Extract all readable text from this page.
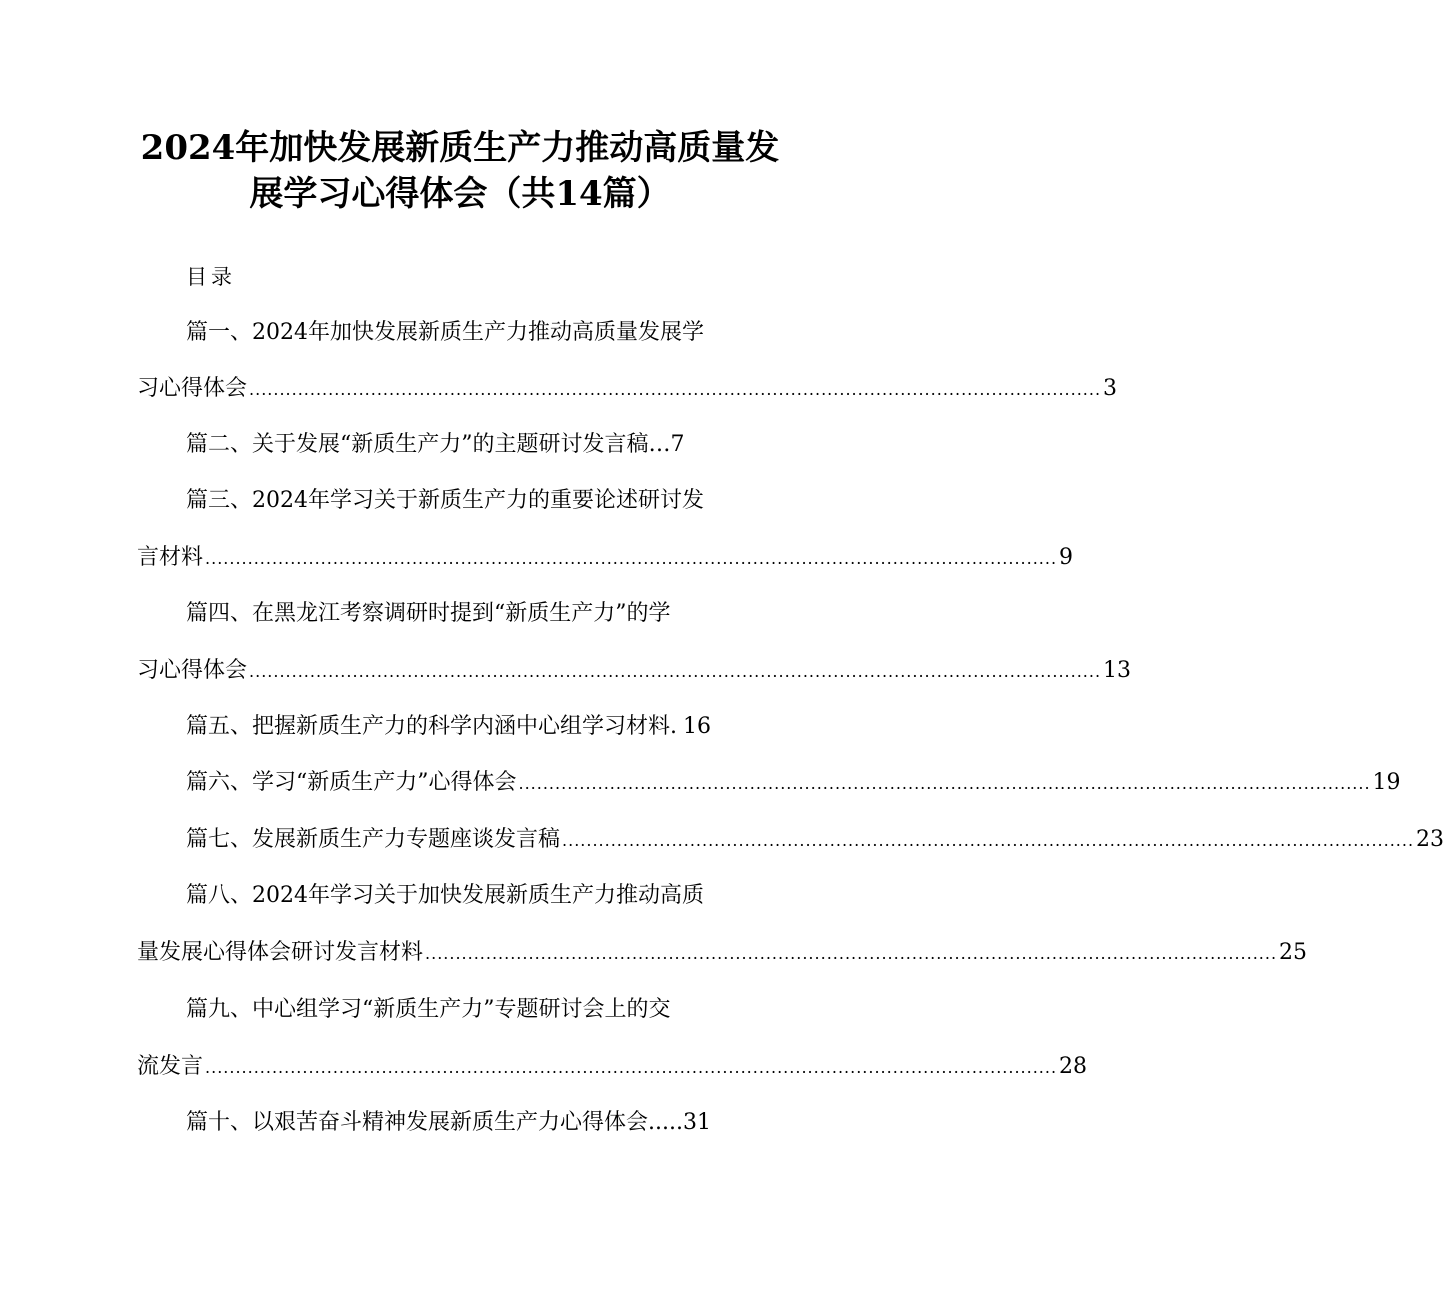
2024年加快发展新质生产力推动高质量发
展学习心得体会（共14篇）
目录
篇一、2024年加快发展新质生产力推动高质量发展学
习心得体会 ............................................................................................................................................ 3
篇二、关于发展“新质生产力”的主题研讨发言稿… 7
篇三、2024年学习关于新质生产力的重要论述研讨发
言材料 ............................................................................................................................................ 9
篇四、在黑龙江考察调研时提到“新质生产力”的学
习心得体会 ............................................................................................................................................ 13
篇五、把握新质生产力的科学内涵中心组学习材料. 16
篇六、学习“新质生产力”心得体会 ............................................................................................................................................ 19
篇七、发展新质生产力专题座谈发言稿 ............................................................................................................................................ 23
篇八、2024年学习关于加快发展新质生产力推动高质
量发展心得体会研讨发言材料 ............................................................................................................................................ 25
篇九、中心组学习“新质生产力”专题研讨会上的交
流发言 ............................................................................................................................................ 28
篇十、以艰苦奋斗精神发展新质生产力心得体会..... 31
